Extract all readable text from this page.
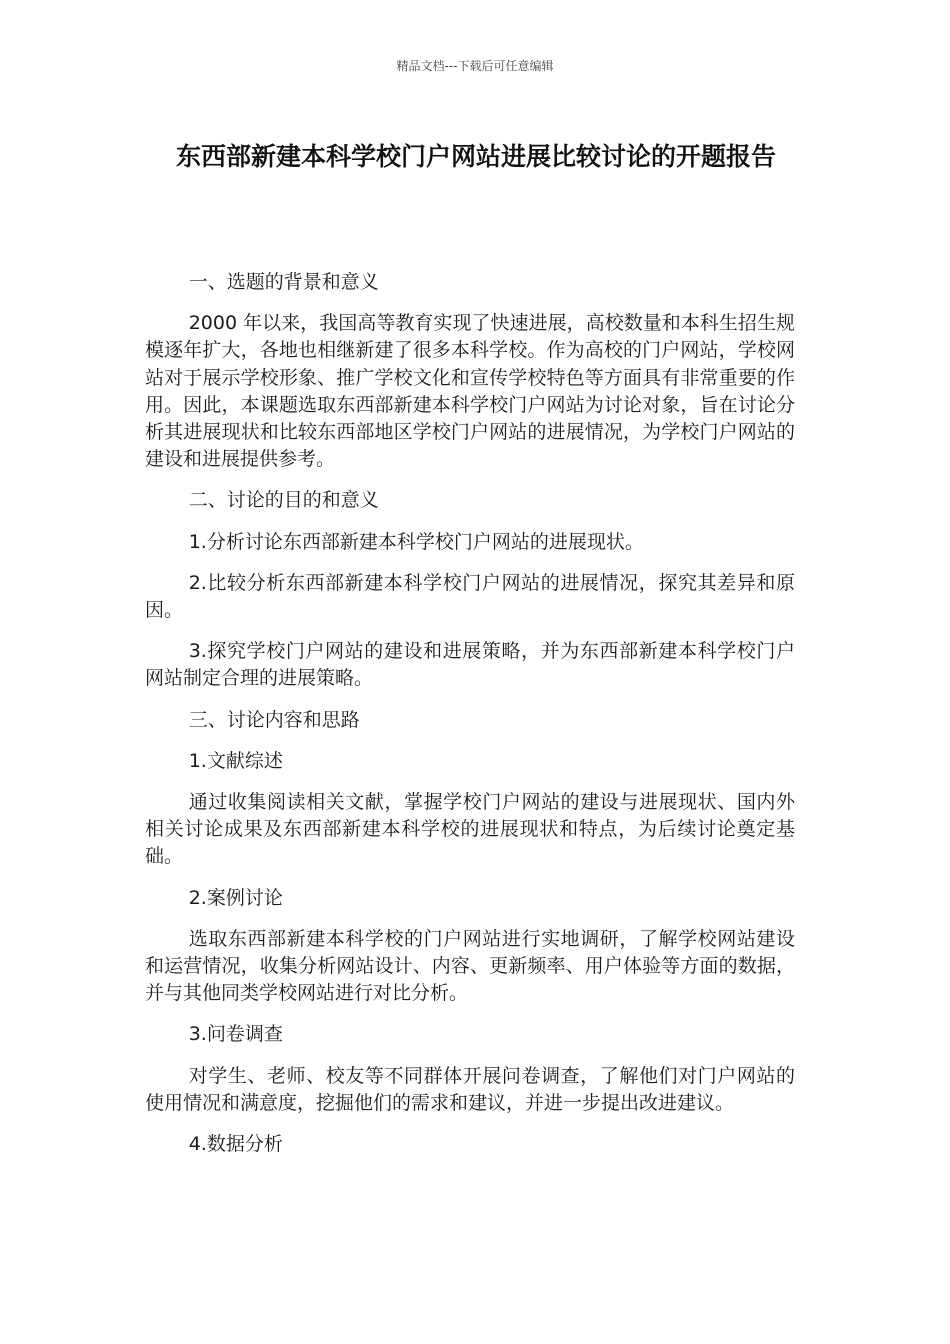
精品文档---下载后可任意编辑
东西部新建本科学校门户网站进展比较讨论的开题报告

一、选题的背景和意义

2000 年以来，我国高等教育实现了快速进展，高校数量和本科生招生规模逐年扩大，各地也相继新建了很多本科学校。作为高校的门户网站，学校网站对于展示学校形象、推广学校文化和宣传学校特色等方面具有非常重要的作用。因此，本课题选取东西部新建本科学校门户网站为讨论对象，旨在讨论分析其进展现状和比较东西部地区学校门户网站的进展情况，为学校门户网站的建设和进展提供参考。

二、讨论的目的和意义

1.分析讨论东西部新建本科学校门户网站的进展现状。

2.比较分析东西部新建本科学校门户网站的进展情况，探究其差异和原因。

3.探究学校门户网站的建设和进展策略，并为东西部新建本科学校门户网站制定合理的进展策略。

三、讨论内容和思路

1.文献综述

通过收集阅读相关文献，掌握学校门户网站的建设与进展现状、国内外相关讨论成果及东西部新建本科学校的进展现状和特点，为后续讨论奠定基础。

2.案例讨论

选取东西部新建本科学校的门户网站进行实地调研，了解学校网站建设和运营情况，收集分析网站设计、内容、更新频率、用户体验等方面的数据，并与其他同类学校网站进行对比分析。

3.问卷调查

对学生、老师、校友等不同群体开展问卷调查，了解他们对门户网站的使用情况和满意度，挖掘他们的需求和建议，并进一步提出改进建议。

4.数据分析
